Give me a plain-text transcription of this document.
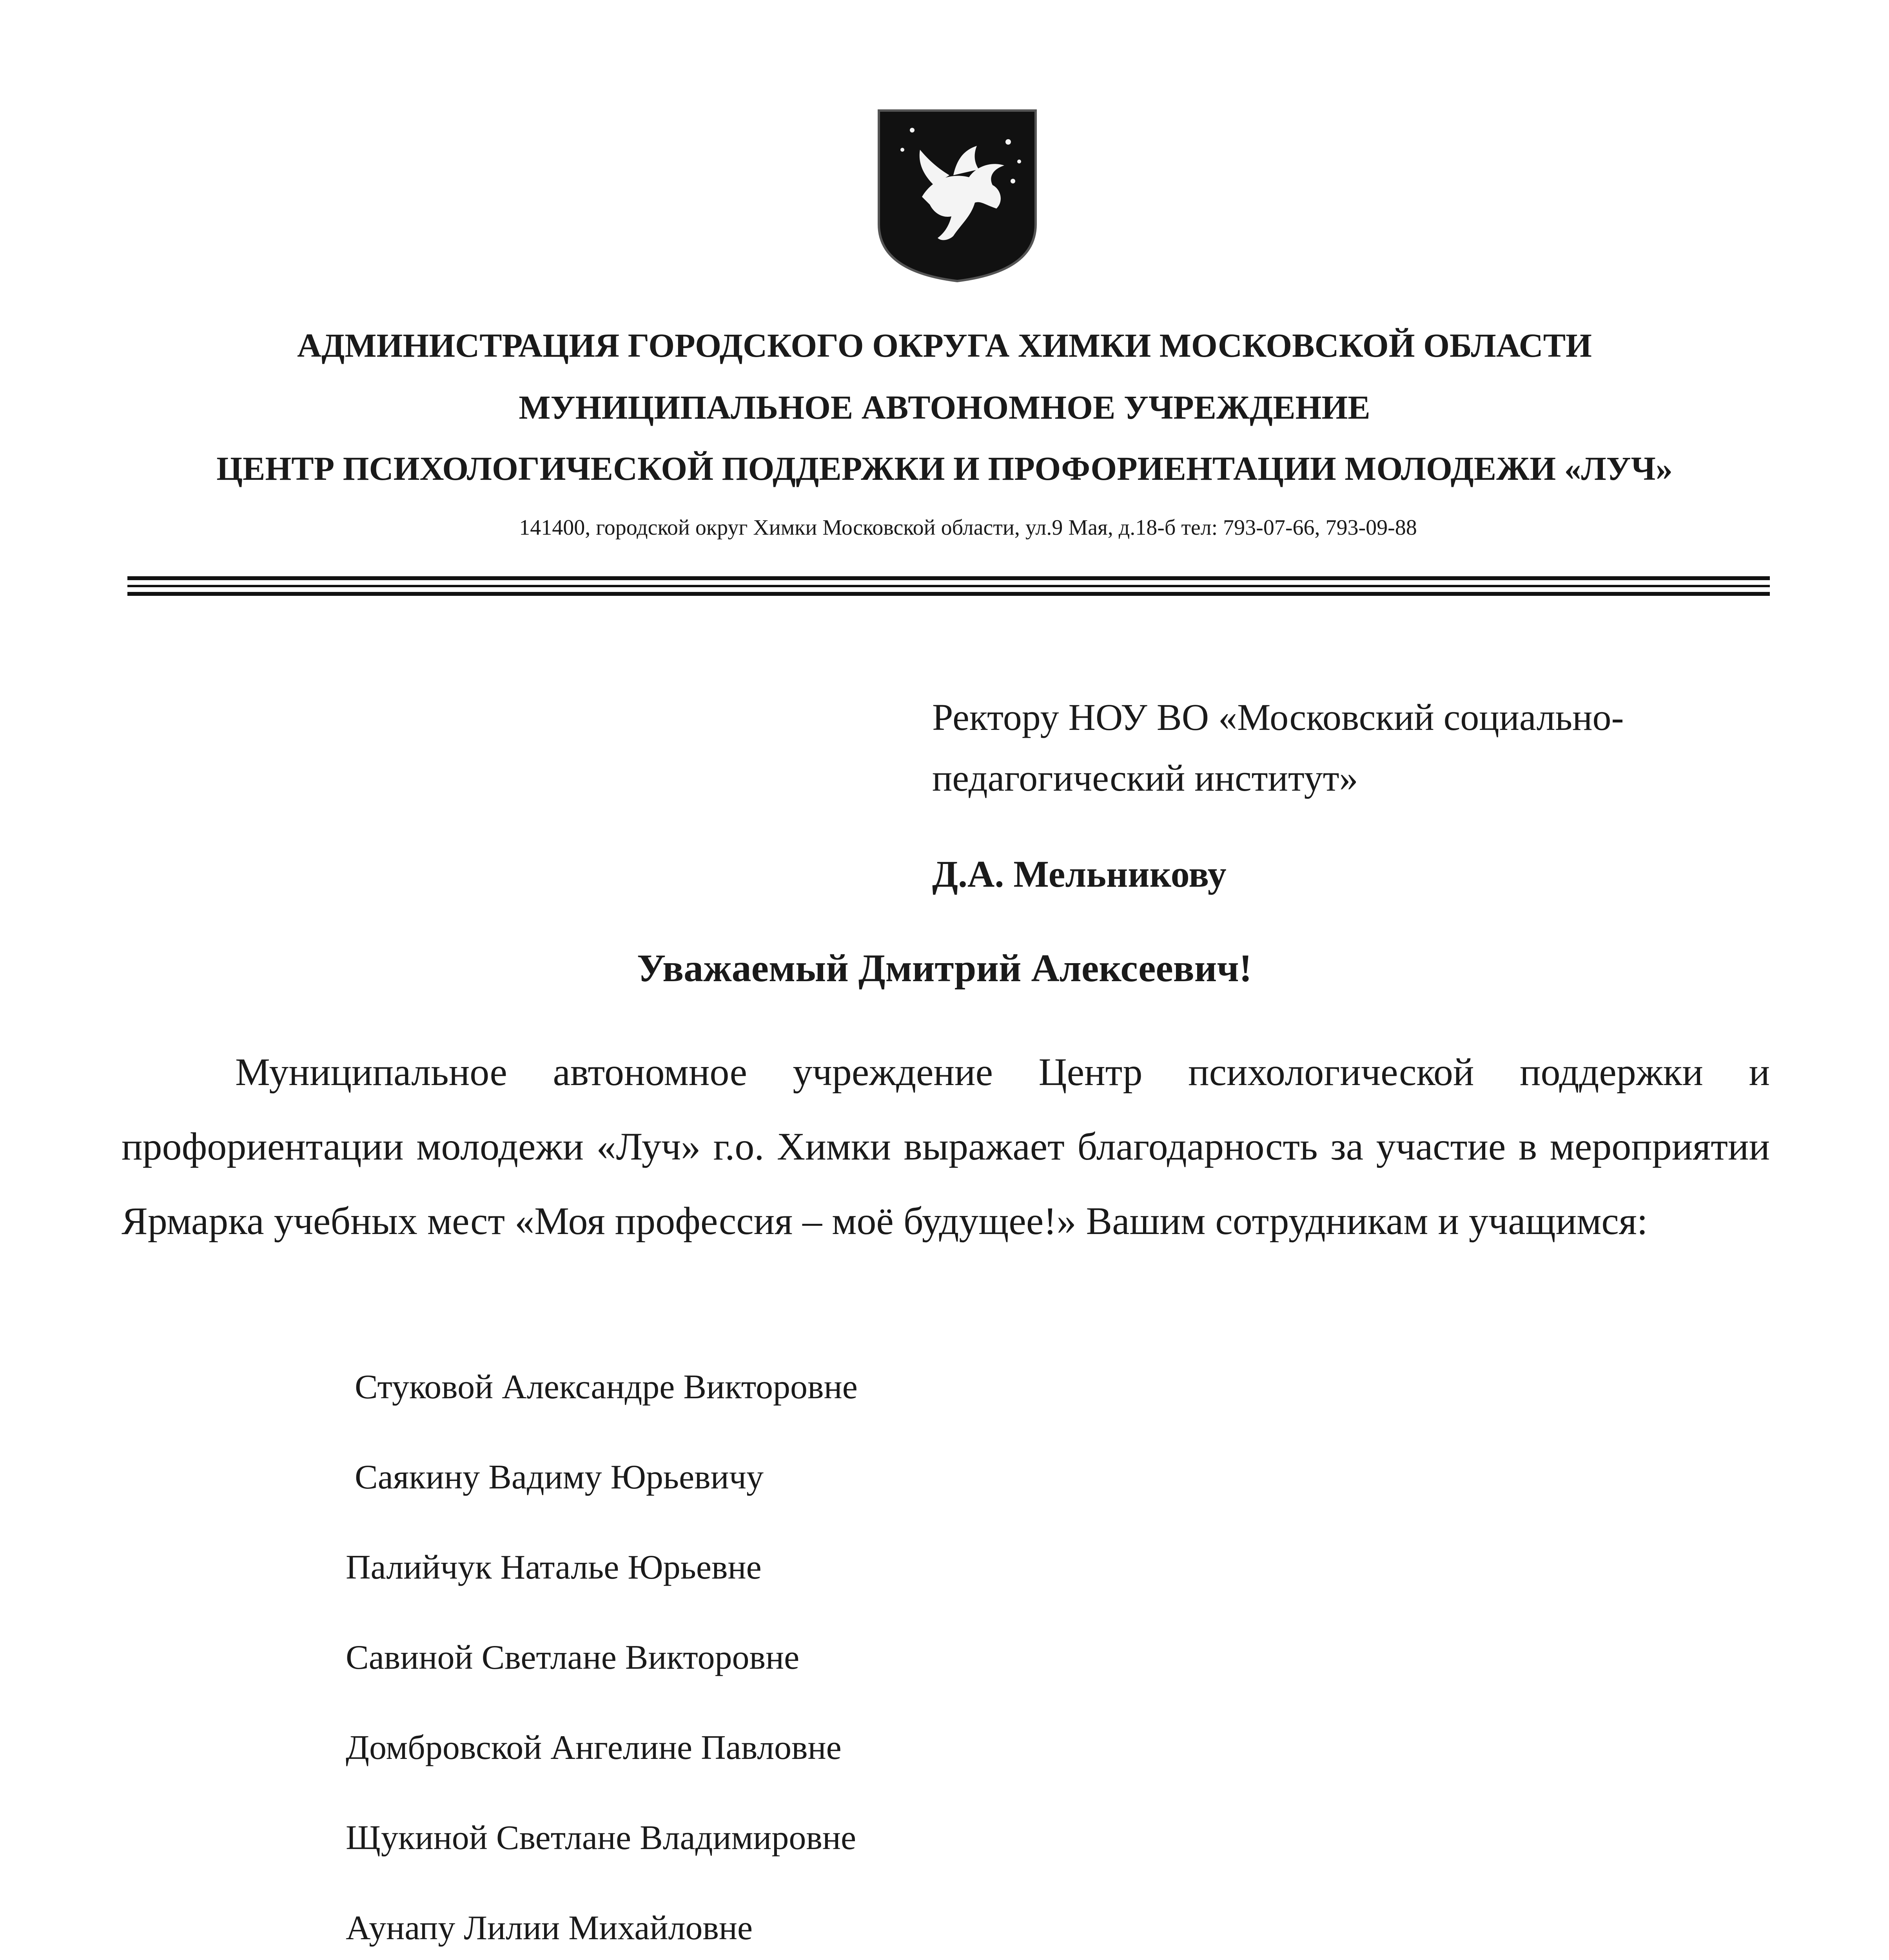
АДМИНИСТРАЦИЯ ГОРОДСКОГО ОКРУГА ХИМКИ МОСКОВСКОЙ ОБЛАСТИ
МУНИЦИПАЛЬНОЕ АВТОНОМНОЕ УЧРЕЖДЕНИЕ
ЦЕНТР ПСИХОЛОГИЧЕСКОЙ ПОДДЕРЖКИ И ПРОФОРИЕНТАЦИИ МОЛОДЕЖИ «ЛУЧ»
141400, городской округ Химки Московской области, ул.9 Мая, д.18-б тел: 793-07-66, 793-09-88
Ректору НОУ ВО «Московский социально-
педагогический институт»
Д.А. Мельникову
Уважаемый Дмитрий Алексеевич!
Муниципальное автономное учреждение Центр психологической поддержки и профориентации молодежи «Луч» г.о. Химки выражает благодарность за участие в мероприятии Ярмарка учебных мест «Моя профессия – моё будущее!» Вашим сотрудникам и учащимся:
Стуковой Александре Викторовне
Саякину Вадиму Юрьевичу
Палийчук Наталье Юрьевне
Савиной Светлане Викторовне
Домбровской Ангелине Павловне
Щукиной Светлане Владимировне
Аунапу Лилии Михайловне
